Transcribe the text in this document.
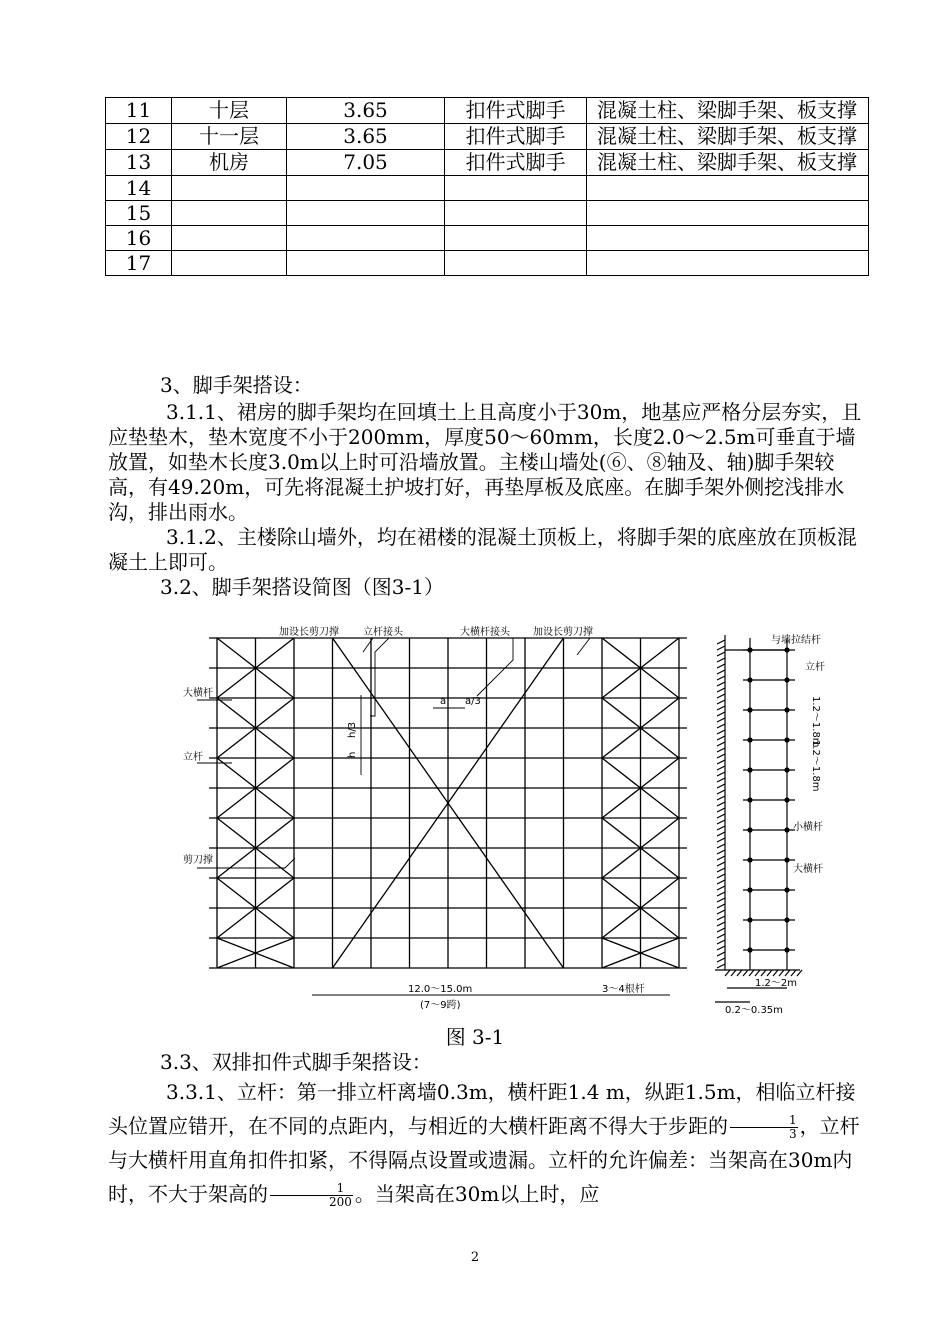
11	十层	3.65	扣件式脚手	混凝土柱、梁脚手架、板支撑
12	十一层	3.65	扣件式脚手	混凝土柱、梁脚手架、板支撑
13	机房	7.05	扣件式脚手	混凝土柱、梁脚手架、板支撑
14				
15				
16				
17				

3、脚手架搭设：

3.1.1、裙房的脚手架均在回填土上且高度小于30m，地基应严格分层夯实，且应垫垫木，垫木宽度不小于200mm，厚度50～60mm，长度2.0～2.5m可垂直于墙放置，如垫木长度3.0m以上时可沿墙放置。主楼山墙处(⑥、⑧轴及、轴)脚手架较高，有49.20m，可先将混凝土护坡打好，再垫厚板及底座。在脚手架外侧挖浅排水沟，排出雨水。

3.1.2、主楼除山墙外，均在裙楼的混凝土顶板上，将脚手架的底座放在顶板混凝土上即可。

3.2、脚手架搭设简图（图3-1）

加设长剪刀撑 立杆接头	大横杆接头 加设长剪刀撑
大横杆
立杆
剪刀撑
a a/3
h/3
h
12.0～15.0m
(7～9跨)
3～4根杆
与墙拉结杆
立杆
1.2～1.8m
1.2～1.8m
小横杆
大横杆
1.2～2m
0.2～0.35m

图 3-1

3.3、双排扣件式脚手架搭设：

3.3.1、立杆：第一排立杆离墙0.3m，横杆距1.4 m，纵距1.5m，相临立杆接头位置应错开，在不同的点距内，与相近的大横杆距离不得大于步距的 $\frac{1}{3}$ ，立杆与大横杆用直角扣件扣紧，不得隔点设置或遗漏。立杆的允许偏差：当架高在30m内时，不大于架高的 $\frac{1}{200}$ 。当架高在30m以上时，应

2
